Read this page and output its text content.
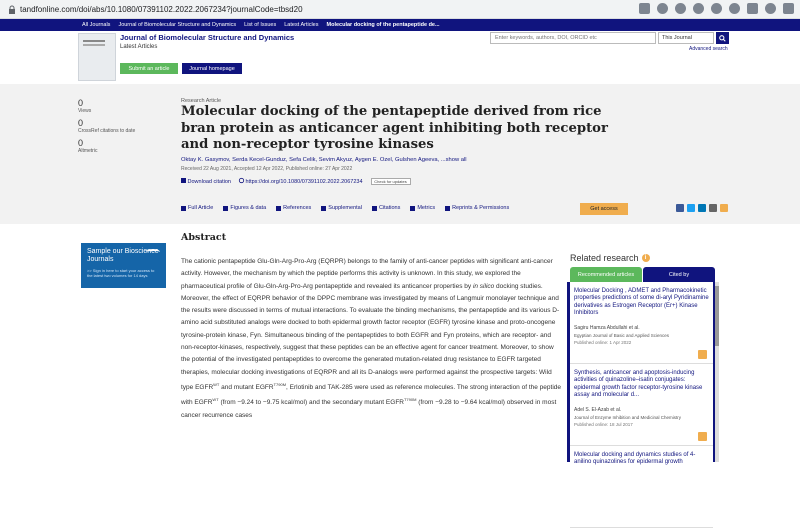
tandfonline.com/doi/abs/10.1080/07391102.2022.2067234?journalCode=tbsd20
All Journals Journal of Biomolecular Structure and Dynamics List of Issues Latest Articles Molecular docking of the pentapeptide de...
Journal of Biomolecular Structure and Dynamics
Latest Articles
Submit an article	Journal homepage
Enter keywords, authors, DOI, ORCID etc
This Journal
Advanced search
0
Views
0
CrossRef citations to date
0
Altmetric
Research Article
Molecular docking of the pentapeptide derived from rice bran protein as anticancer agent inhibiting both receptor and non-receptor tyrosine kinases
Oktay K. Gasymov, Serda Kecel-Gunduz, Sefa Celik, Sevim Akyuz, Aygen E. Ozel, Gulshen Ageeva, ...show all
Received 22 Aug 2021, Accepted 12 Apr 2022, Published online: 27 Apr 2022
Download citation	https://doi.org/10.1080/07391102.2022.2067234	Check for updates
Full Article	Figures & data	References	Supplemental	Citations	Metrics	Reprints & Permissions	Get access
Abstract
The cationic pentapeptide Glu-Gln-Arg-Pro-Arg (EQRPR) belongs to the family of anti-cancer peptides with significant anti-cancer activity. However, the mechanism by which the peptide performs this activity is unknown. In this study, we explored the pharmaceutical profile of Glu-Gln-Arg-Pro-Arg pentapeptide and revealed its anticancer properties by in silico docking studies. Moreover, the effect of EQRPR behavior of the DPPC membrane was investigated by means of Langmuir monolayer technique and the results were discussed in terms of mutual interactions. To evaluate the binding mechanisms, the pentapeptide and its various D-amino acid substituted analogs were docked to both epidermal growth factor receptor (EGFR) tyrosine kinase and proto-oncogene tyrosine-protein kinase, Fyn. Simultaneous binding of the pentapeptides to both EGFR and Fyn proteins, which are receptor- and non-receptor-kinases, respectively, suggest that these peptides can be an effective agent for cancer treatment. Moreover, to show the potential of the investigated pentapeptides to overcome the generated mutation-related drug resistance to EGFR targeted therapies, molecular docking investigations of EQRPR and all its D-analogs were performed against the prospective targets: Wild type $EGFR^{WT}$ and mutant $EGFR^{T790M}$, Erlotinib and TAK-285 were used as reference molecules. The strong interaction of the peptide with $EGFR^{WT}$ (from −9.24 to −9.75 kcal/mol) and the secondary mutant $EGFR^{T790M}$ (from −9.28 to −9.64 kcal/mol) observed in most cancer recurrence cases
Sample our Bioscience Journals
>> Sign in here to start your access to the latest two volumes for 14 days
Related research	i
Recommended articles	Cited by
Molecular Docking , ADMET and Pharmacokinetic properties predictions of some di-aryl Pyridinamine derivatives as Estrogen Receptor (Er+) Kinase Inhibitors
Sagiru Hamza Abdullahi et al.
Egyptian Journal of Basic and Applied Sciences
Published online: 1 Apr 2022
Synthesis, anticancer and apoptosis-inducing activities of quinazoline–isatin conjugates: epidermal growth factor receptor-tyrosine kinase assay and molecular d...
Adel S. El-Azab et al.
Journal of Enzyme Inhibition and Medicinal Chemistry
Published online: 18 Jul 2017
Molecular docking and dynamics studies of 4-anilino quinazolines for epidermal growth
